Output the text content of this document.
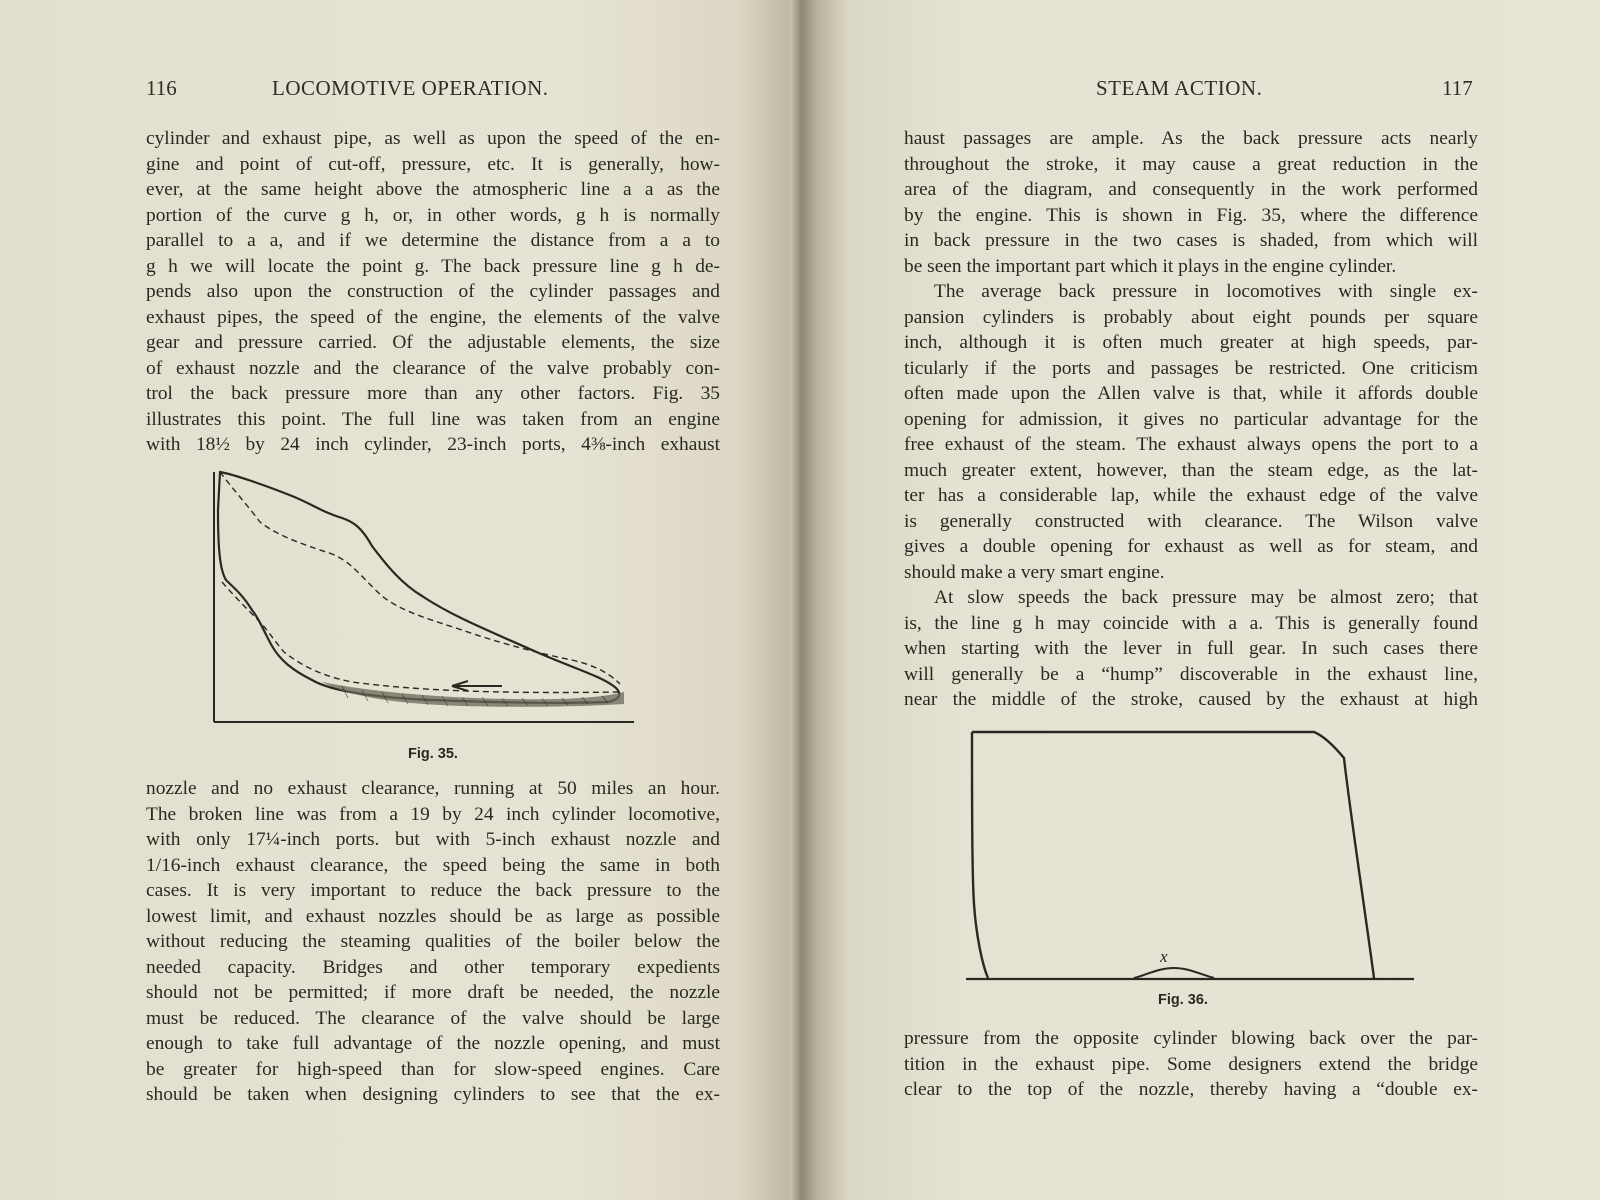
116	LOCOMOTIVE OPERATION.
cylinder and exhaust pipe, as well as upon the speed of the en-
gine and point of cut-off, pressure, etc. It is generally, how-
ever, at the same height above the atmospheric line a a as the
portion of the curve g h, or, in other words, g h is normally
parallel to a a, and if we determine the distance from a a to
g h we will locate the point g. The back pressure line g h de-
pends also upon the construction of the cylinder passages and
exhaust pipes, the speed of the engine, the elements of the valve
gear and pressure carried. Of the adjustable elements, the size
of exhaust nozzle and the clearance of the valve probably con-
trol the back pressure more than any other factors. Fig. 35
illustrates this point. The full line was taken from an engine
with 18½ by 24 inch cylinder, 23-inch ports, 4⅜-inch exhaust
Fig. 35.
nozzle and no exhaust clearance, running at 50 miles an hour.
The broken line was from a 19 by 24 inch cylinder locomotive,
with only 17¼-inch ports. but with 5-inch exhaust nozzle and
1/16-inch exhaust clearance, the speed being the same in both
cases. It is very important to reduce the back pressure to the
lowest limit, and exhaust nozzles should be as large as possible
without reducing the steaming qualities of the boiler below the
needed capacity. Bridges and other temporary expedients
should not be permitted; if more draft be needed, the nozzle
must be reduced. The clearance of the valve should be large
enough to take full advantage of the nozzle opening, and must
be greater for high-speed than for slow-speed engines. Care
should be taken when designing cylinders to see that the ex-
STEAM ACTION.	117
haust passages are ample. As the back pressure acts nearly
throughout the stroke, it may cause a great reduction in the
area of the diagram, and consequently in the work performed
by the engine. This is shown in Fig. 35, where the difference
in back pressure in the two cases is shaded, from which will
be seen the important part which it plays in the engine cylinder.
The average back pressure in locomotives with single ex-
pansion cylinders is probably about eight pounds per square
inch, although it is often much greater at high speeds, par-
ticularly if the ports and passages be restricted. One criticism
often made upon the Allen valve is that, while it affords double
opening for admission, it gives no particular advantage for the
free exhaust of the steam. The exhaust always opens the port to a
much greater extent, however, than the steam edge, as the lat-
ter has a considerable lap, while the exhaust edge of the valve
is generally constructed with clearance. The Wilson valve
gives a double opening for exhaust as well as for steam, and
should make a very smart engine.
At slow speeds the back pressure may be almost zero; that
is, the line g h may coincide with a a. This is generally found
when starting with the lever in full gear. In such cases there
will generally be a “hump” discoverable in the exhaust line,
near the middle of the stroke, caused by the exhaust at high
x
Fig. 36.
pressure from the opposite cylinder blowing back over the par-
tition in the exhaust pipe. Some designers extend the bridge
clear to the top of the nozzle, thereby having a “double ex-
